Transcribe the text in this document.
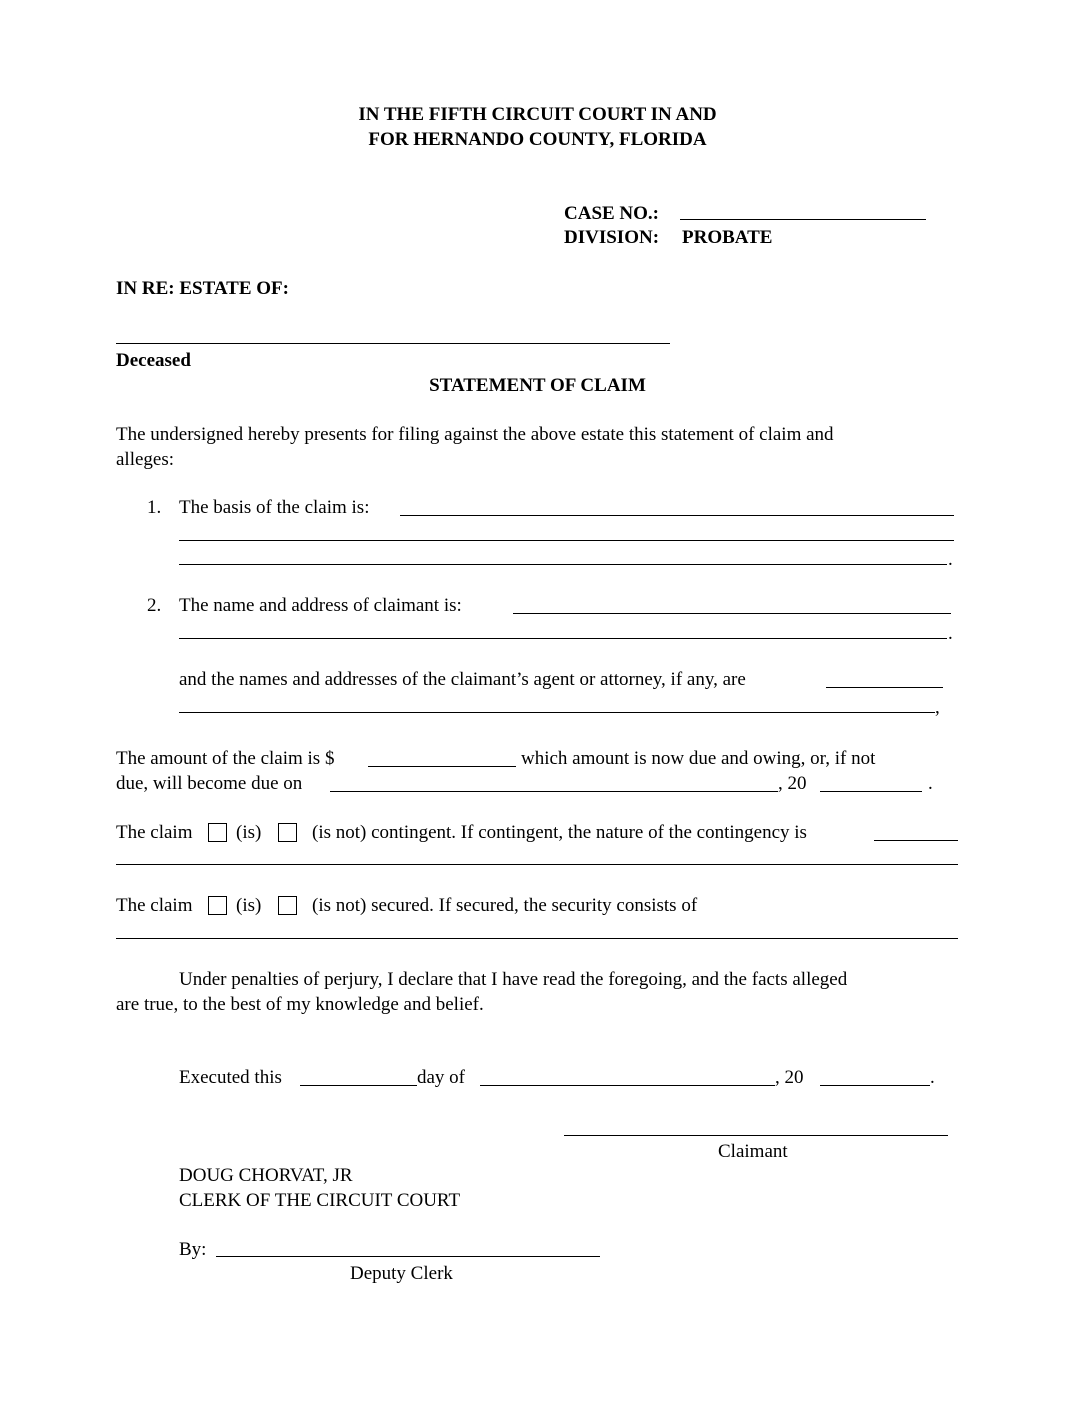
IN THE FIFTH CIRCUIT COURT IN AND
FOR HERNANDO COUNTY, FLORIDA
CASE NO.:
DIVISION: PROBATE
IN RE: ESTATE OF:
Deceased
STATEMENT OF CLAIM
The undersigned hereby presents for filing against the above estate this statement of claim and
alleges:
1. The basis of the claim is:
.
2. The name and address of claimant is:
.
and the names and addresses of the claimant’s agent or attorney, if any, are
,
The amount of the claim is $	which amount is now due and owing, or, if not
due, will become due on	, 20	.
The claim (is)	(is not) contingent. If contingent, the nature of the contingency is
The claim (is)	(is not) secured. If secured, the security consists of
Under penalties of perjury, I declare that I have read the foregoing, and the facts alleged
are true, to the best of my knowledge and belief.
Executed this	day of	, 20	.
Claimant
DOUG CHORVAT, JR
CLERK OF THE CIRCUIT COURT
By:
Deputy Clerk
